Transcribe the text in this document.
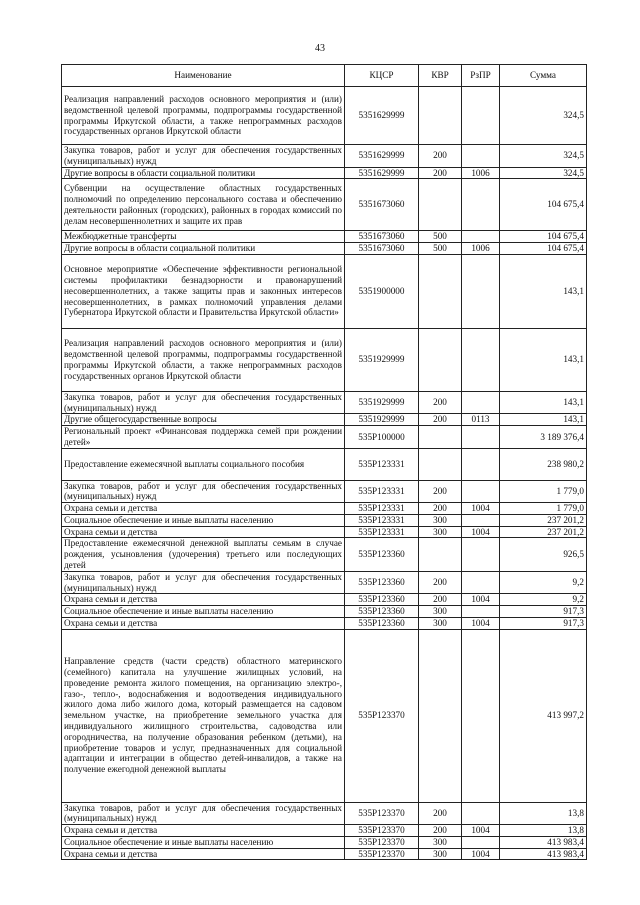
43
Наименование	КЦСР	КВР	РзПР	Сумма
Реализация направлений расходов основного мероприятия и (или) ведомственной целевой программы, подпрограммы государственной программы Иркутской области, а также непрограммных расходов государственных органов Иркутской области	5351629999			324,5
Закупка товаров, работ и услуг для обеспечения государственных (муниципальных) нужд	5351629999	200		324,5
Другие вопросы в области социальной политики	5351629999	200	1006	324,5
Субвенции на осуществление областных государственных полномочий по определению персонального состава и обеспечению деятельности районных (городских), районных в городах комиссий по делам несовершеннолетних и защите их прав	5351673060			104 675,4
Межбюджетные трансферты	5351673060	500		104 675,4
Другие вопросы в области социальной политики	5351673060	500	1006	104 675,4
Основное мероприятие «Обеспечение эффективности региональной системы профилактики безнадзорности и правонарушений несовершеннолетних, а также защиты прав и законных интересов несовершеннолетних, в рамках полномочий управления делами Губернатора Иркутской области и Правительства Иркутской области»	5351900000			143,1
Реализация направлений расходов основного мероприятия и (или) ведомственной целевой программы, подпрограммы государственной программы Иркутской области, а также непрограммных расходов государственных органов Иркутской области	5351929999			143,1
Закупка товаров, работ и услуг для обеспечения государственных (муниципальных) нужд	5351929999	200		143,1
Другие общегосударственные вопросы	5351929999	200	0113	143,1
Региональный проект «Финансовая поддержка семей при рождении детей»	535P100000			3 189 376,4
Предоставление ежемесячной выплаты социального пособия	535P123331			238 980,2
Закупка товаров, работ и услуг для обеспечения государственных (муниципальных) нужд	535P123331	200		1 779,0
Охрана семьи и детства	535P123331	200	1004	1 779,0
Социальное обеспечение и иные выплаты населению	535P123331	300		237 201,2
Охрана семьи и детства	535P123331	300	1004	237 201,2
Предоставление ежемесячной денежной выплаты семьям в случае рождения, усыновления (удочерения) третьего или последующих детей	535P123360			926,5
Закупка товаров, работ и услуг для обеспечения государственных (муниципальных) нужд	535P123360	200		9,2
Охрана семьи и детства	535P123360	200	1004	9,2
Социальное обеспечение и иные выплаты населению	535P123360	300		917,3
Охрана семьи и детства	535P123360	300	1004	917,3
Направление средств (части средств) областного материнского (семейного) капитала на улучшение жилищных условий, на проведение ремонта жилого помещения, на организацию электро-, газо-, тепло-, водоснабжения и водоотведения индивидуального жилого дома либо жилого дома, который размещается на садовом земельном участке, на приобретение земельного участка для индивидуального жилищного строительства, садоводства или огородничества, на получение образования ребенком (детьми), на приобретение товаров и услуг, предназначенных для социальной адаптации и интеграции в общество детей-инвалидов, а также на получение ежегодной денежной выплаты	535P123370			413 997,2
Закупка товаров, работ и услуг для обеспечения государственных (муниципальных) нужд	535P123370	200		13,8
Охрана семьи и детства	535P123370	200	1004	13,8
Социальное обеспечение и иные выплаты населению	535P123370	300		413 983,4
Охрана семьи и детства	535P123370	300	1004	413 983,4
